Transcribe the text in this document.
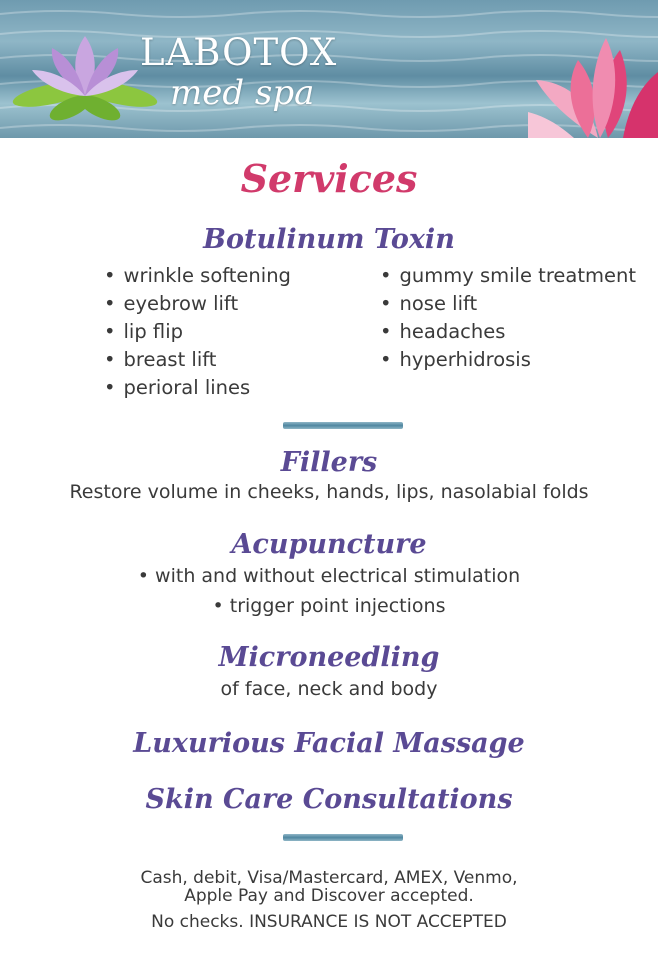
LABOTOX
med spa
Services
Botulinum Toxin
• wrinkle softening
• eyebrow lift
• lip flip
• breast lift
• perioral lines
• gummy smile treatment
• nose lift
• headaches
• hyperhidrosis
Fillers
Restore volume in cheeks, hands, lips, nasolabial folds
Acupuncture
• with and without electrical stimulation
• trigger point injections
Microneedling
of face, neck and body
Luxurious Facial Massage
Skin Care Consultations
Cash, debit, Visa/Mastercard, AMEX, Venmo,
Apple Pay and Discover accepted.
No checks. INSURANCE IS NOT ACCEPTED
